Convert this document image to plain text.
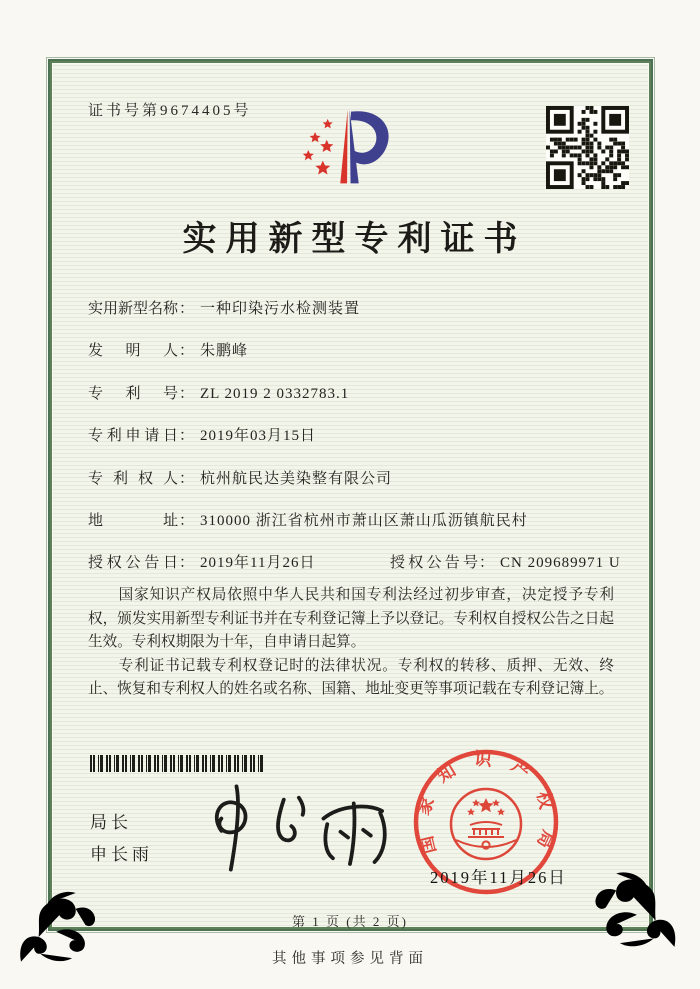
证书号第9674405号
实用新型专利证书
实用新型名称： 一种印染污水检测装置
发明人： 朱鹏峰
专利号： ZL 2019 2 0332783.1
专利申请日： 2019年03月15日
专利权人： 杭州航民达美染整有限公司
地址： 310000 浙江省杭州市萧山区萧山瓜沥镇航民村
授权公告日： 2019年11月26日	授权公告号： CN 209689971 U

国家知识产权局依照中华人民共和国专利法经过初步审查，决定授予专利权，颁发实用新型专利证书并在专利登记簿上予以登记。专利权自授权公告之日起生效。专利权期限为十年，自申请日起算。

专利证书记载专利权登记时的法律状况。专利权的转移、质押、无效、终止、恢复和专利权人的姓名或名称、国籍、地址变更等事项记载在专利登记簿上。

局长
申长雨	国家知识产权局
2019年11月26日
第 1 页 (共 2 页)
其他事项参见背面
